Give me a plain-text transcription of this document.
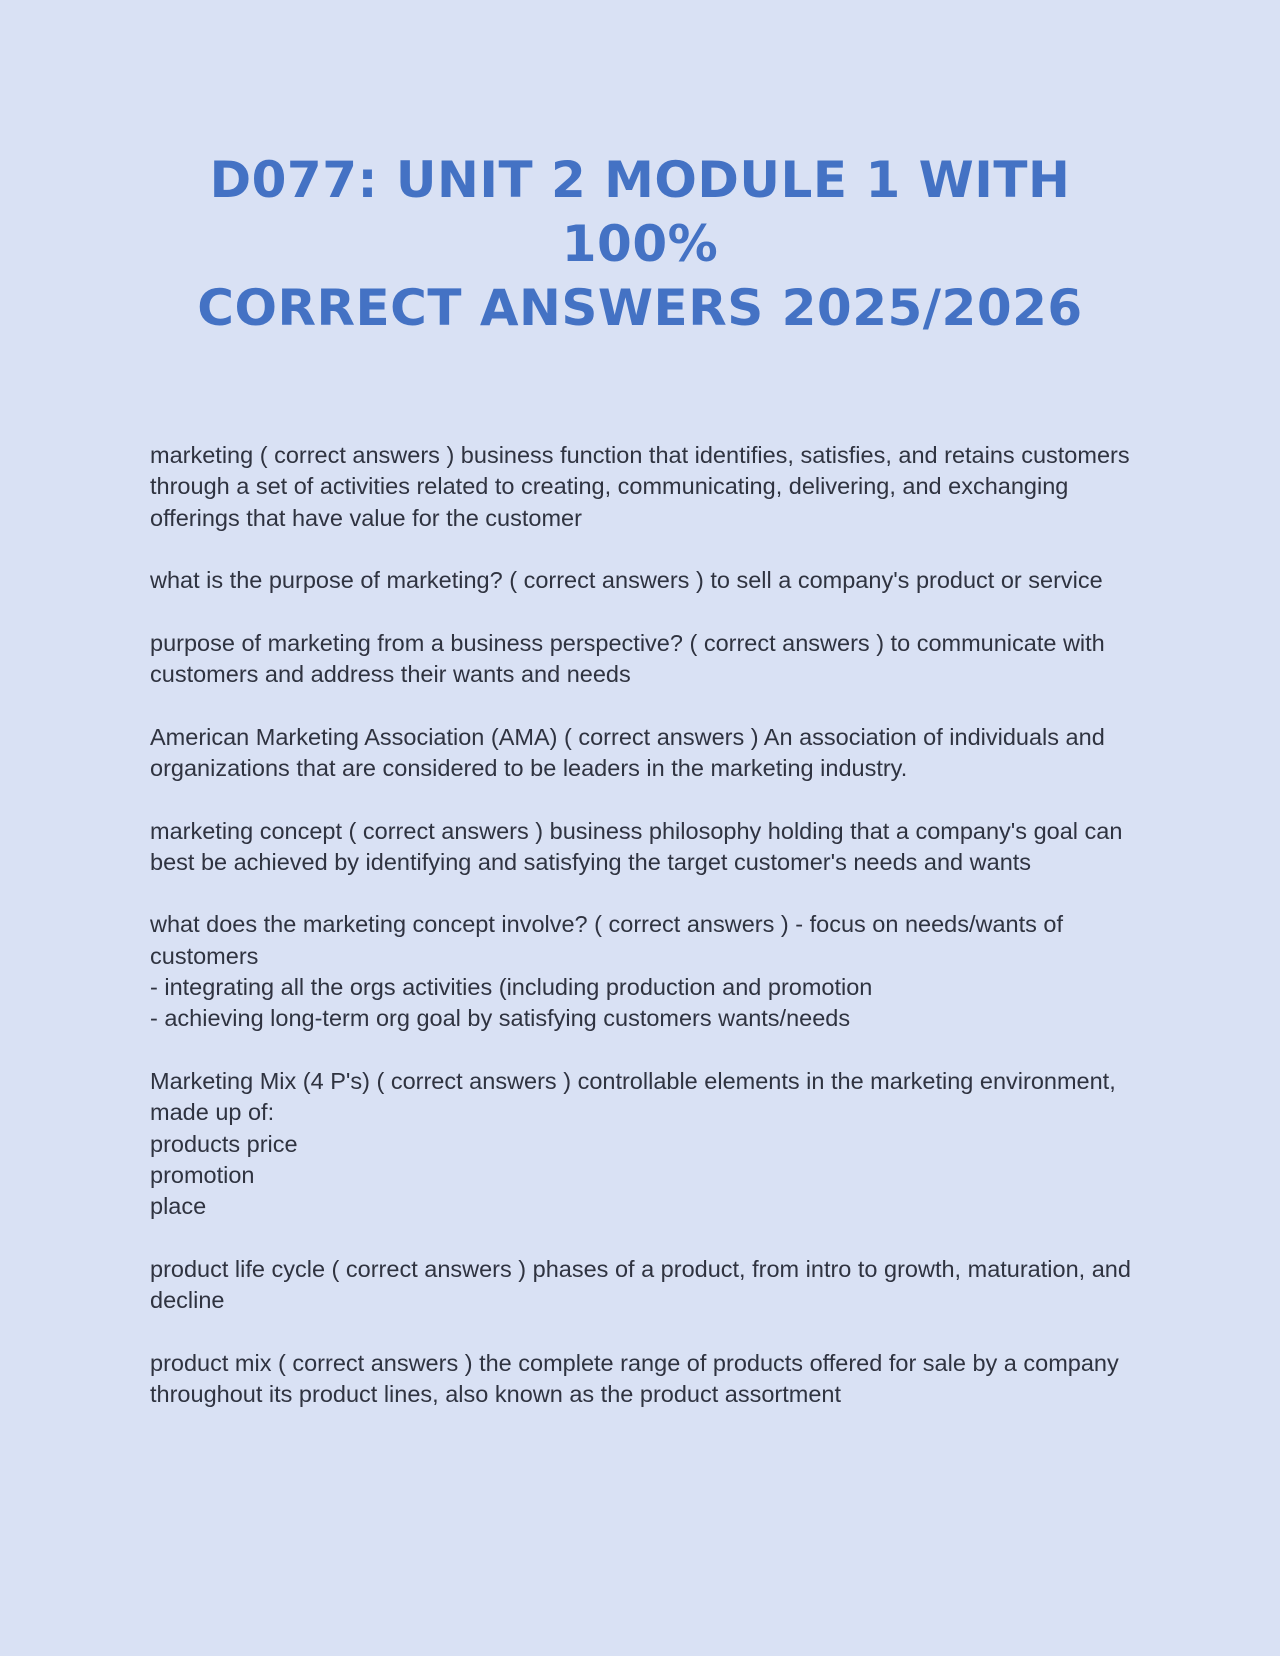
D077: UNIT 2 MODULE 1 WITH
100%
CORRECT ANSWERS 2025/2026

marketing ( correct answers ) business function that identifies, satisfies, and retains customers through a set of activities related to creating, communicating, delivering, and exchanging offerings that have value for the customer

what is the purpose of marketing? ( correct answers ) to sell a company's product or service

purpose of marketing from a business perspective? ( correct answers ) to communicate with customers and address their wants and needs

American Marketing Association (AMA) ( correct answers ) An association of individuals and organizations that are considered to be leaders in the marketing industry.

marketing concept ( correct answers ) business philosophy holding that a company's goal can best be achieved by identifying and satisfying the target customer's needs and wants

what does the marketing concept involve? ( correct answers ) - focus on needs/wants of customers
- integrating all the orgs activities (including production and promotion
- achieving long-term org goal by satisfying customers wants/needs

Marketing Mix (4 P's) ( correct answers ) controllable elements in the marketing environment, made up of:
products price
promotion
place

product life cycle ( correct answers ) phases of a product, from intro to growth, maturation, and decline

product mix ( correct answers ) the complete range of products offered for sale by a company throughout its product lines, also known as the product assortment
